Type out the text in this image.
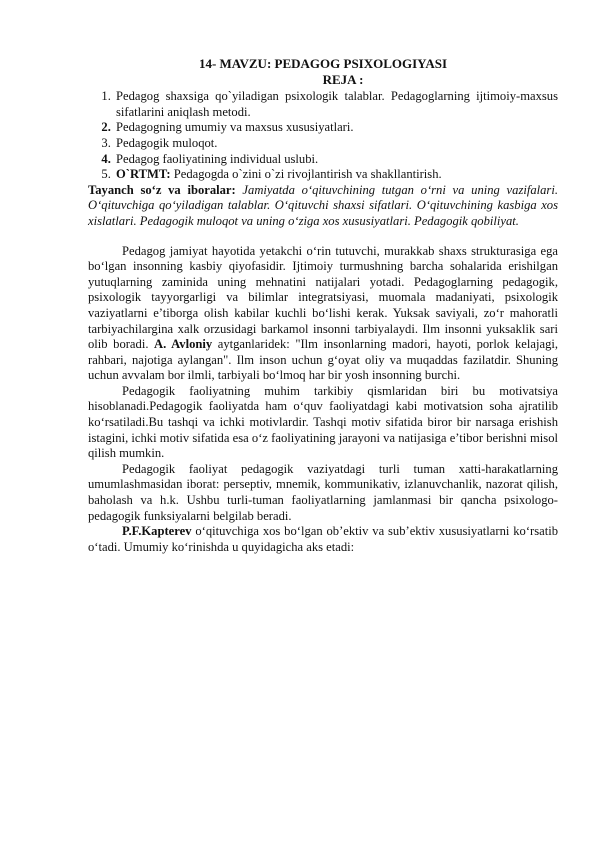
14- MAVZU: PEDAGOG PSIXOLOGIYASI

REJA :

1. Pedagog shaxsiga qo`yiladigan psixologik talablar. Pedagoglarning ijtimoiy-maxsus sifatlarini aniqlash metodi.
2. Pedagogning umumiy va maxsus xususiyatlari.
3. Pedagogik muloqot.
4. Pedagog faoliyatining individual uslubi.
5. O`RTMT: Pedagogda o`zini o`zi rivojlantirish va shakllantirish.

Tayanch so‘z va iboralar: Jamiyatda o‘qituvchining tutgan o‘rni va uning vazifalari. O‘qituvchiga qo‘yiladigan talablar. O‘qituvchi shaxsi sifatlari. O‘qituvchining kasbiga xos xislatlari. Pedagogik muloqot va uning o‘ziga xos xususiyatlari. Pedagogik qobiliyat.

Pedagog jamiyat hayotida yetakchi o‘rin tutuvchi, murakkab shaxs strukturasiga ega bo‘lgan insonning kasbiy qiyofasidir. Ijtimoiy turmushning barcha sohalarida erishilgan yutuqlarning zaminida uning mehnatini natijalari yotadi. Pedagoglarning pedagogik, psixologik tayyorgarligi va bilimlar integratsiyasi, muomala madaniyati, psixologik vaziyatlarni e’tiborga olish kabilar kuchli bo‘lishi kerak. Yuksak saviyali, zo‘r mahoratli tarbiyachilargina xalk orzusidagi barkamol insonni tarbiyalaydi. Ilm insonni yuksaklik sari olib boradi. A. Avloniy aytganlaridek: "Ilm insonlarning madori, hayoti, porlok kelajagi, rahbari, najotiga aylangan". Ilm inson uchun g‘oyat oliy va muqaddas fazilatdir. Shuning uchun avvalam bor ilmli, tarbiyali bo‘lmoq har bir yosh insonning burchi.

Pedagogik faoliyatning muhim tarkibiy qismlaridan biri bu motivatsiya hisoblanadi.Pedagogik faoliyatda ham o‘quv faoliyatdagi kabi motivatsion soha ajratilib ko‘rsatiladi.Bu tashqi va ichki motivlardir. Tashqi motiv sifatida biror bir narsaga erishish istagini, ichki motiv sifatida esa o‘z faoliyatining jarayoni va natijasiga e’tibor berishni misol qilish mumkin.

Pedagogik faoliyat pedagogik vaziyatdagi turli tuman xatti-harakatlarning umumlashmasidan iborat: perseptiv, mnemik, kommunikativ, izlanuvchanlik, nazorat qilish, baholash va h.k. Ushbu turli-tuman faoliyatlarning jamlanmasi bir qancha psixologo-pedagogik funksiyalarni belgilab beradi.

P.F.Kapterev o‘qituvchiga xos bo‘lgan ob’ektiv va sub’ektiv xususiyatlarni ko‘rsatib o‘tadi. Umumiy ko‘rinishda u quyidagicha aks etadi:
